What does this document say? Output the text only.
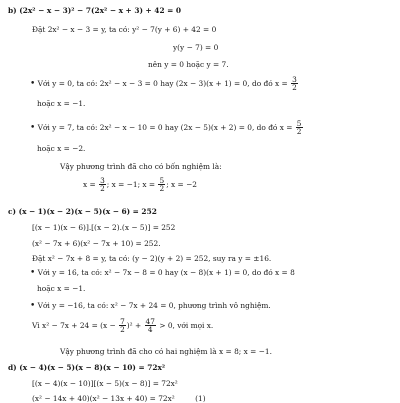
b) (2x² − x − 3)² − 7(2x² − x + 3) + 42 = 0
Đặt 2x² − x − 3 = y, ta có: y² − 7(y + 6) + 42 = 0
y(y − 7) = 0
nên y = 0 hoặc y = 7.
• Với y = 0, ta có: 2x² − x − 3 = 0 hay (2x − 3)(x + 1) = 0, do đó $x = \frac{3}{2}$
hoặc x = −1.
• Với y = 7, ta có: 2x² − x − 10 = 0 hay (2x − 5)(x + 2) = 0, do đó $x = \frac{5}{2}$
hoặc x = −2.
Vậy phương trình đã cho có bốn nghiệm là:
$x = \frac{3}{2}$ ; x = −1; $x = \frac{5}{2}$ ; x = −2
c) (x − 1)(x − 2)(x − 5)(x − 6) = 252
[(x − 1)(x − 6)].[(x − 2).(x − 5)] = 252
(x² − 7x + 6)(x² − 7x + 10) = 252.
Đặt x² − 7x + 8 = y, ta có: (y − 2)(y + 2) = 252, suy ra y = ±16.
• Với y = 16, ta có: x² − 7x − 8 = 0 hay (x − 8)(x + 1) = 0, do đó x = 8
hoặc x = −1.
• Với y = −16, ta có: x² − 7x + 24 = 0, phương trình vô nghiệm.
Vì $x^2 - 7x + 24 = (x - \frac{7}{2} )^2 + \frac{47}{4} > 0$, với mọi x.
Vậy phương trình đã cho có hai nghiệm là x = 8; x = −1.
d) (x − 4)(x − 5)(x − 8)(x − 10) = 72x²
[(x − 4)(x − 10)][(x − 5)(x − 8)] = 72x²
(x² − 14x + 40)(x² − 13x + 40) = 72x²	(1)
